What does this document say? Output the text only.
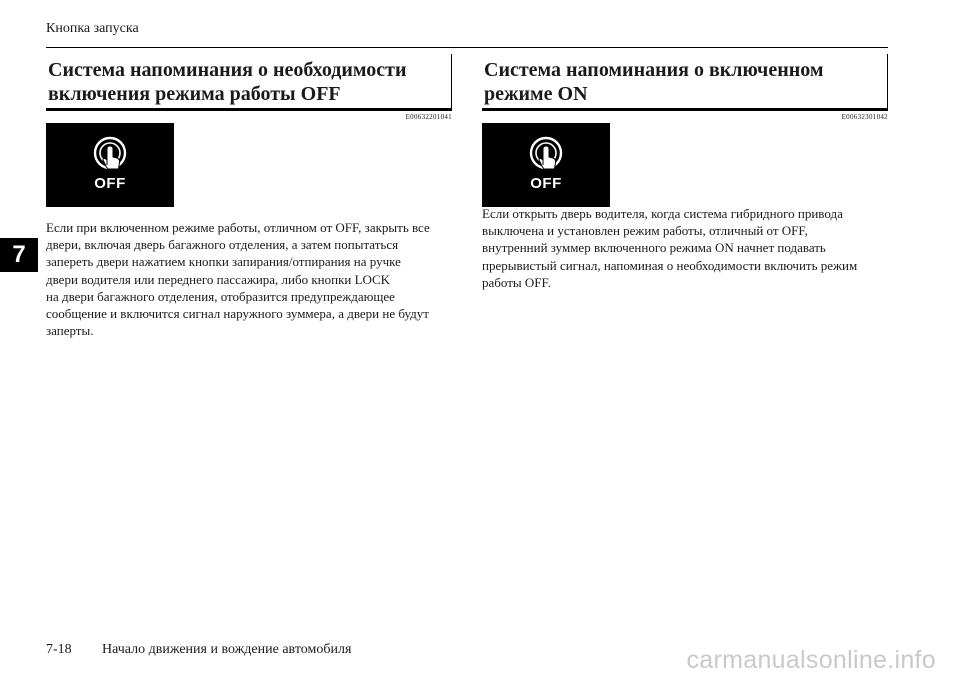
Кнопка запуска
7
Система напоминания о необходимости
включения режима работы OFF
E00632201041
OFF
Если при включенном режиме работы, отличном от OFF, закрыть все
двери, включая дверь багажного отделения, а затем попытаться
запереть двери нажатием кнопки запирания/отпирания на ручке
двери водителя или переднего пассажира, либо кнопки LOCK
на двери багажного отделения, отобразится предупреждающее
сообщение и включится сигнал наружного зуммера, а двери не будут
заперты.
Система напоминания о включенном
режиме ON
E00632301042
OFF
Если открыть дверь водителя, когда система гибридного привода
выключена и установлен режим работы, отличный от OFF,
внутренний зуммер включенного режима ON начнет подавать
прерывистый сигнал, напоминая о необходимости включить режим
работы OFF.
7-18 Начало движения и вождение автомобиля	carmanualsonline.info
